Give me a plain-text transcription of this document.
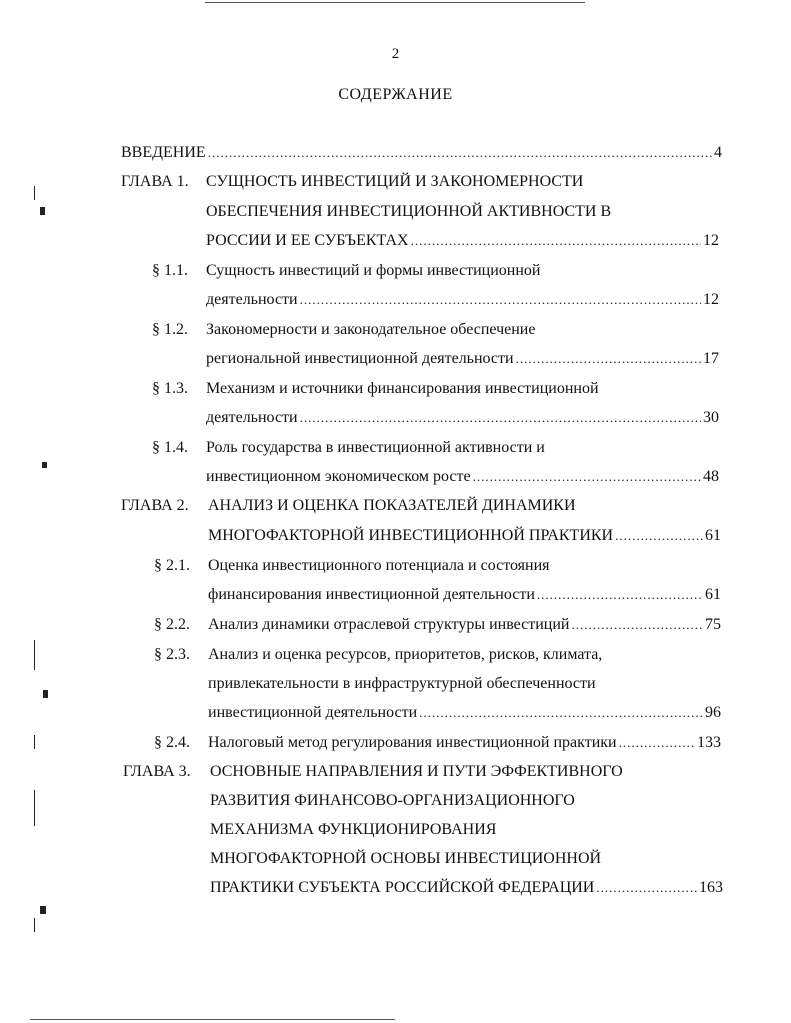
2
СОДЕРЖАНИЕ
ВВЕДЕНИЕ .....	4
ГЛАВА 1. СУЩНОСТЬ ИНВЕСТИЦИЙ И ЗАКОНОМЕРНОСТИ
ОБЕСПЕЧЕНИЯ ИНВЕСТИЦИОННОЙ АКТИВНОСТИ В
РОССИИ И ЕЕ СУБЪЕКТАХ .....	12
§ 1.1. Сущность инвестиций и формы инвестиционной
деятельности .....	12
§ 1.2. Закономерности и законодательное обеспечение
региональной инвестиционной деятельности .....	17
§ 1.3. Механизм и источники финансирования инвестиционной
деятельности .....	30
§ 1.4. Роль государства в инвестиционной активности и
инвестиционном экономическом росте .....	48
ГЛАВА 2. АНАЛИЗ И ОЦЕНКА ПОКАЗАТЕЛЕЙ ДИНАМИКИ
МНОГОФАКТОРНОЙ ИНВЕСТИЦИОННОЙ ПРАКТИКИ .....	61
§ 2.1. Оценка инвестиционного потенциала и состояния
финансирования инвестиционной деятельности .....	61
§ 2.2. Анализ динамики отраслевой структуры инвестиций .....	75
§ 2.3. Анализ и оценка ресурсов, приоритетов, рисков, климата,
привлекательности в инфраструктурной обеспеченности
инвестиционной деятельности .....	96
§ 2.4. Налоговый метод регулирования инвестиционной практики .....	133
ГЛАВА 3. ОСНОВНЫЕ НАПРАВЛЕНИЯ И ПУТИ ЭФФЕКТИВНОГО
РАЗВИТИЯ ФИНАНСОВО-ОРГАНИЗАЦИОННОГО
МЕХАНИЗМА ФУНКЦИОНИРОВАНИЯ
МНОГОФАКТОРНОЙ ОСНОВЫ ИНВЕСТИЦИОННОЙ
ПРАКТИКИ СУБЪЕКТА РОССИЙСКОЙ ФЕДЕРАЦИИ .....	163
